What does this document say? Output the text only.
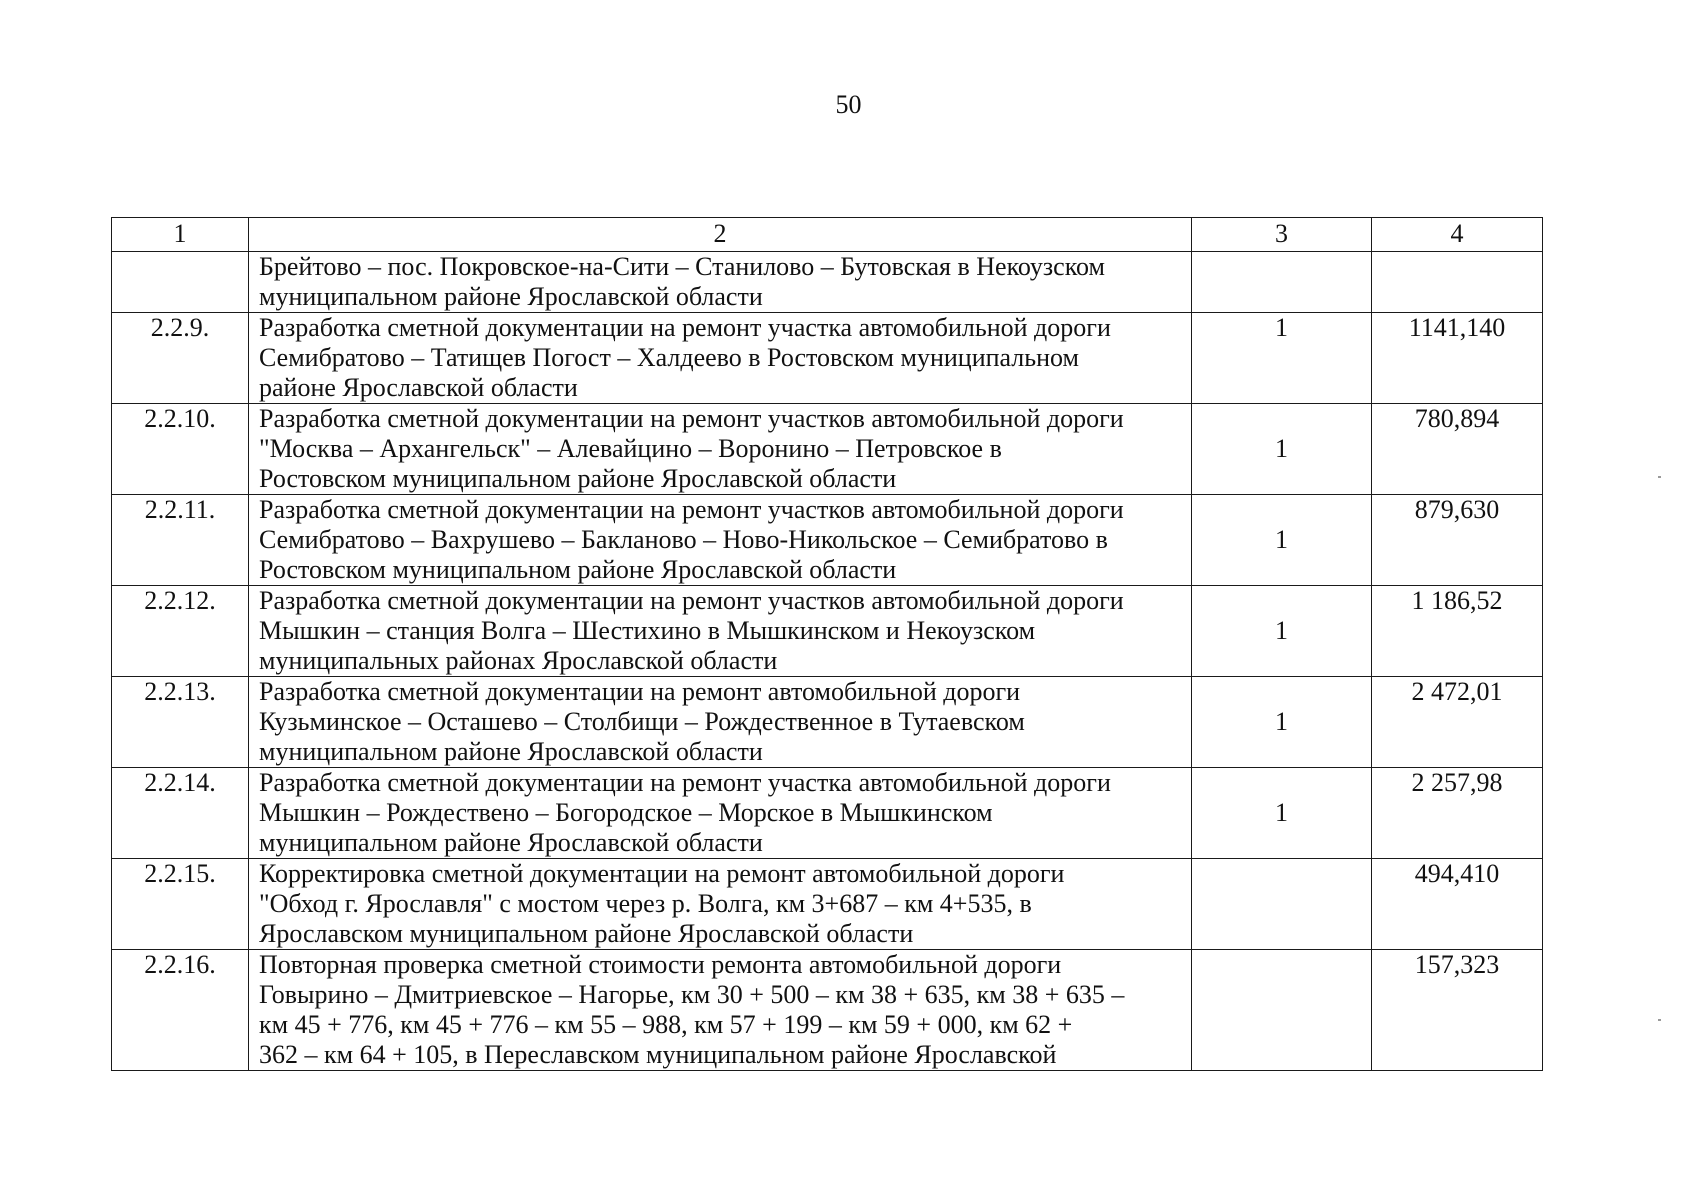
50
1	2	3	4

	Брейтово – пос. Покровское-на-Сити – Станилово – Бутовская в Некоузском
муниципальном районе Ярославской области		

2.2.9.	Разработка сметной документации на ремонт участка автомобильной дороги
Семибратово – Татищев Погост – Халдеево в Ростовском муниципальном
районе Ярославской области	1	1141,140
2.2.10.	Разработка сметной документации на ремонт участков автомобильной дороги
"Москва – Архангельск" – Алевайцино – Воронино – Петровское в
Ростовском муниципальном районе Ярославской области	1	780,894
2.2.11.	Разработка сметной документации на ремонт участков автомобильной дороги
Семибратово – Вахрушево – Бакланово – Ново-Никольское – Семибратово в
Ростовском муниципальном районе Ярославской области	1	879,630
2.2.12.	Разработка сметной документации на ремонт участков автомобильной дороги
Мышкин – станция Волга – Шестихино в Мышкинском и Некоузском
муниципальных районах Ярославской области	1	1 186,52
2.2.13.	Разработка сметной документации на ремонт автомобильной дороги
Кузьминское – Осташево – Столбищи – Рождественное в Тутаевском
муниципальном районе Ярославской области	1	2 472,01
2.2.14.	Разработка сметной документации на ремонт участка автомобильной дороги
Мышкин – Рождествено – Богородское – Морское в Мышкинском
муниципальном районе Ярославской области	1	2 257,98
2.2.15.	Корректировка сметной документации на ремонт автомобильной дороги
"Обход г. Ярославля" с мостом через р. Волга, км 3+687 – км 4+535, в
Ярославском муниципальном районе Ярославской области		494,410
2.2.16.	Повторная проверка сметной стоимости ремонта автомобильной дороги
Говырино – Дмитриевское – Нагорье, км 30 + 500 – км 38 + 635, км 38 + 635 –
км 45 + 776, км 45 + 776 – км 55 – 988, км 57 + 199 – км 59 + 000, км 62 +
362 – км 64 + 105, в Переславском муниципальном районе Ярославской		157,323
